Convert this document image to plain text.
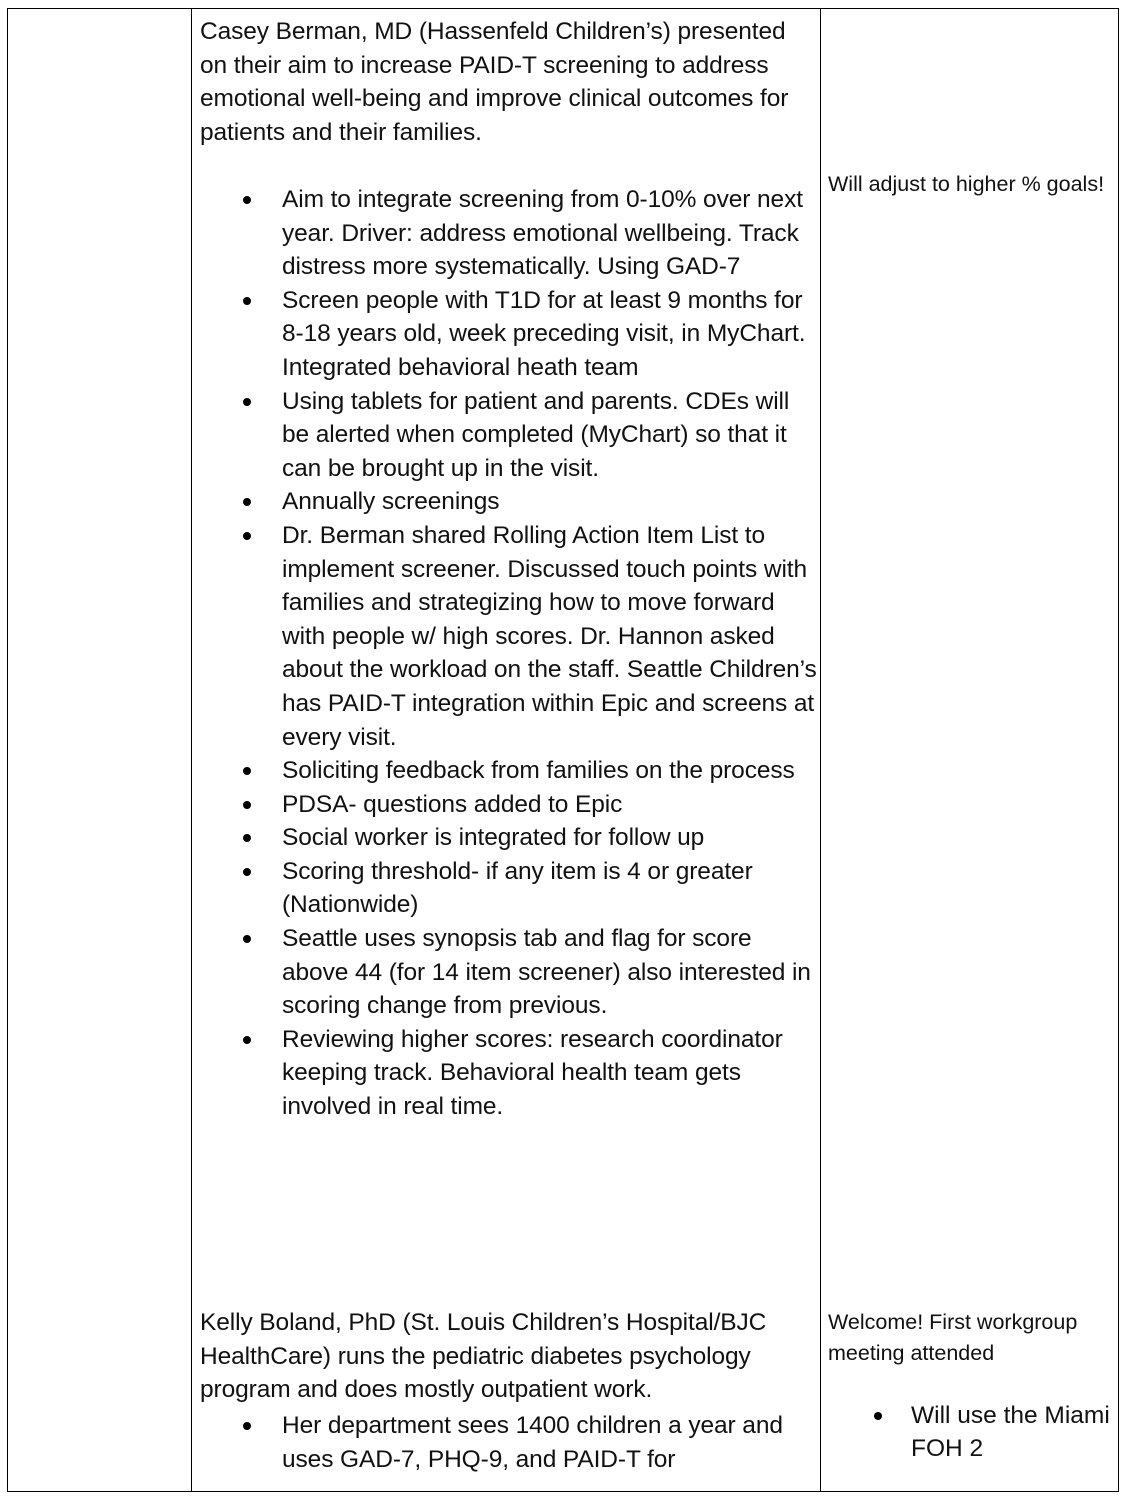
Casey Berman, MD (Hassenfeld Children’s) presented on their aim to increase PAID-T screening to address emotional well-being and improve clinical outcomes for patients and their families.

Aim to integrate screening from 0-10% over next year. Driver: address emotional wellbeing. Track distress more systematically. Using GAD-7
Screen people with T1D for at least 9 months for 8-18 years old, week preceding visit, in MyChart. Integrated behavioral heath team
Using tablets for patient and parents. CDEs will be alerted when completed (MyChart) so that it can be brought up in the visit.
Annually screenings
Dr. Berman shared Rolling Action Item List to implement screener. Discussed touch points with families and strategizing how to move forward with people w/ high scores. Dr. Hannon asked about the workload on the staff. Seattle Children’s has PAID-T integration within Epic and screens at every visit.
Soliciting feedback from families on the process
PDSA- questions added to Epic
Social worker is integrated for follow up
Scoring threshold- if any item is 4 or greater (Nationwide)
Seattle uses synopsis tab and flag for score above 44 (for 14 item screener) also interested in scoring change from previous.
Reviewing higher scores: research coordinator keeping track. Behavioral health team gets involved in real time.

Kelly Boland, PhD (St. Louis Children’s Hospital/BJC HealthCare) runs the pediatric diabetes psychology program and does mostly outpatient work.

Her department sees 1400 children a year and uses GAD-7, PHQ-9, and PAID-T for

Will adjust to higher % goals!

Welcome! First workgroup meeting attended

Will use the Miami FOH 2
